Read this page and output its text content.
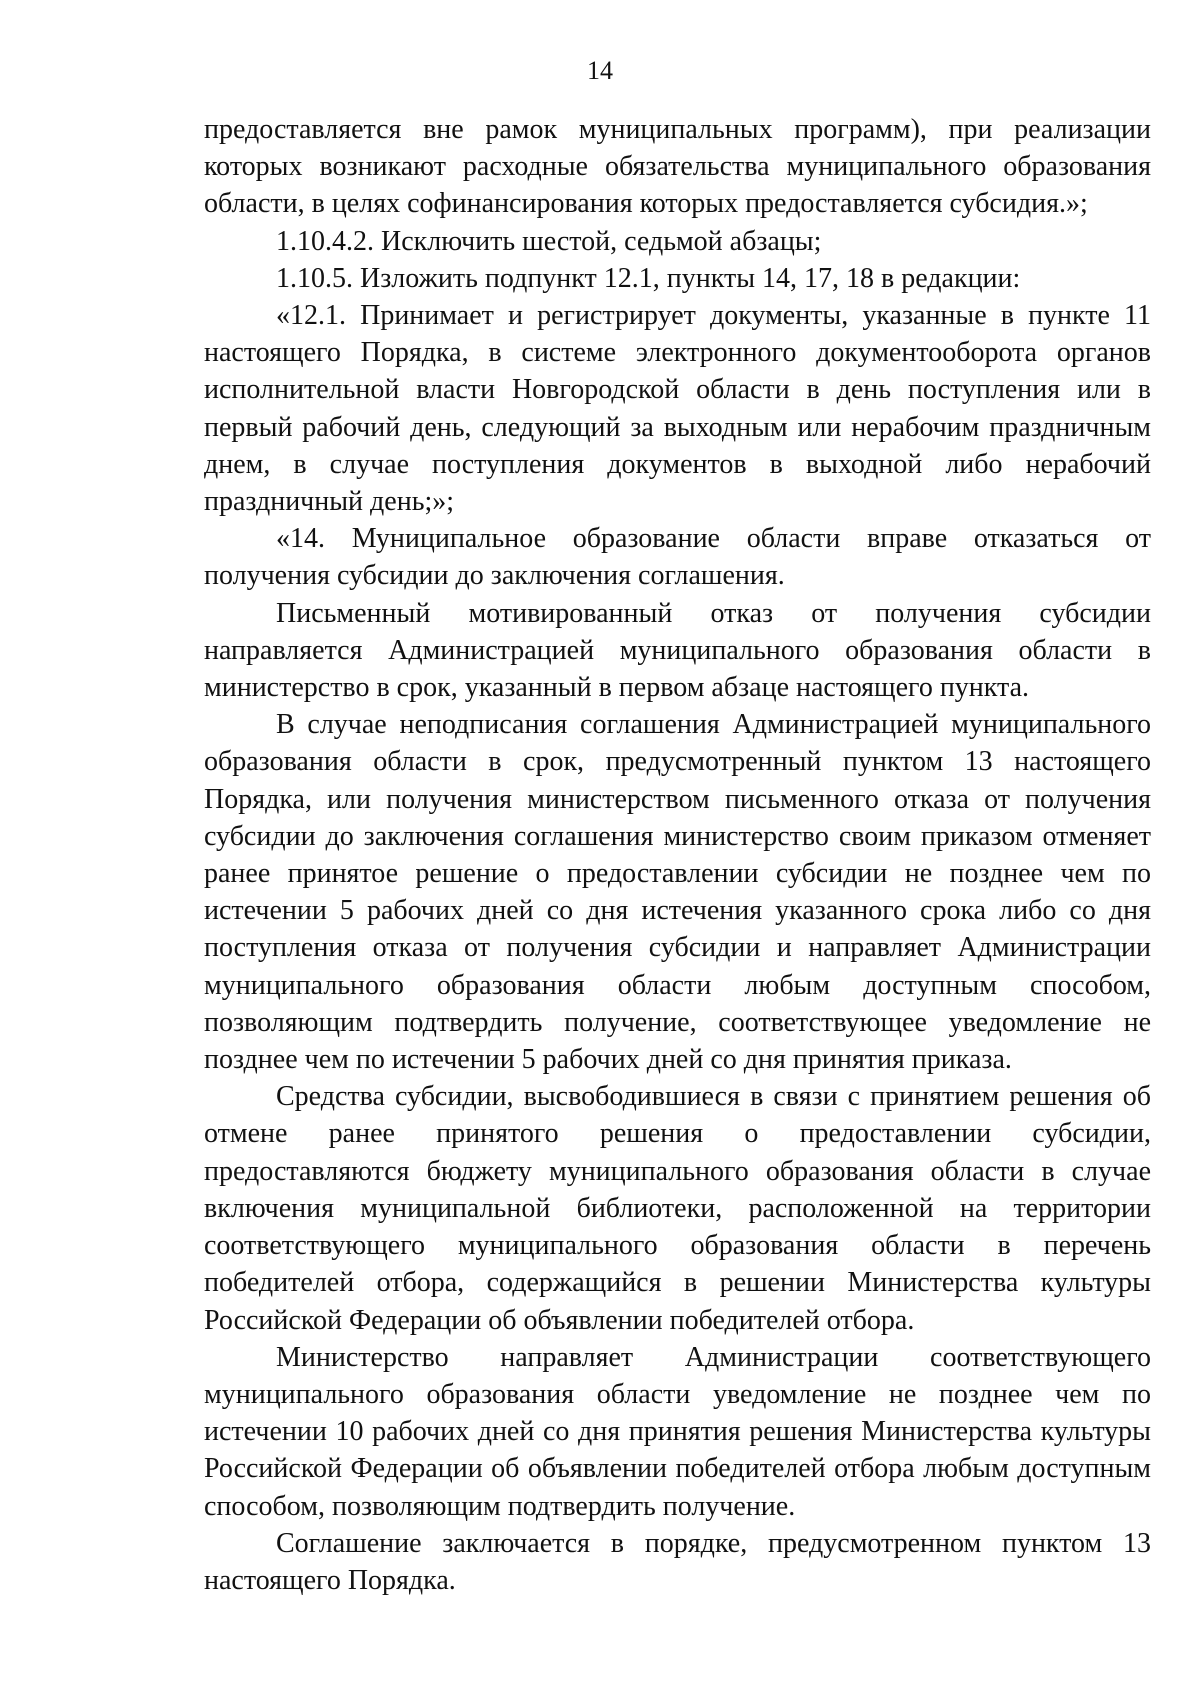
14

предоставляется вне рамок муниципальных программ), при реализации которых возникают расходные обязательства муниципального образования области, в целях софинансирования которых предоставляется субсидия.»;

1.10.4.2. Исключить шестой, седьмой абзацы;

1.10.5. Изложить подпункт 12.1, пункты 14, 17, 18 в редакции:

«12.1. Принимает и регистрирует документы, указанные в пункте 11 настоящего Порядка, в системе электронного документооборота органов исполнительной власти Новгородской области в день поступления или в первый рабочий день, следующий за выходным или нерабочим праздничным днем, в случае поступления документов в выходной либо нерабочий праздничный день;»;

«14. Муниципальное образование области вправе отказаться от получения субсидии до заключения соглашения.

Письменный мотивированный отказ от получения субсидии направляется Администрацией муниципального образования области в министерство в срок, указанный в первом абзаце настоящего пункта.

В случае неподписания соглашения Администрацией муниципального образования области в срок, предусмотренный пунктом 13 настоящего Порядка, или получения министерством письменного отказа от получения субсидии до заключения соглашения министерство своим приказом отменяет ранее принятое решение о предоставлении субсидии не позднее чем по истечении 5 рабочих дней со дня истечения указанного срока либо со дня поступления отказа от получения субсидии и направляет Администрации муниципального образования области любым доступным способом, позволяющим подтвердить получение, соответствующее уведомление не позднее чем по истечении 5 рабочих дней со дня принятия приказа.

Средства субсидии, высвободившиеся в связи с принятием решения об отмене ранее принятого решения о предоставлении субсидии, предоставляются бюджету муниципального образования области в случае включения муниципальной библиотеки, расположенной на территории соответствующего муниципального образования области в перечень победителей отбора, содержащийся в решении Министерства культуры Российской Федерации об объявлении победителей отбора.

Министерство направляет Администрации соответствующего муниципального образования области уведомление не позднее чем по истечении 10 рабочих дней со дня принятия решения Министерства культуры Российской Федерации об объявлении победителей отбора любым доступным способом, позволяющим подтвердить получение.

Соглашение заключается в порядке, предусмотренном пунктом 13 настоящего Порядка.
